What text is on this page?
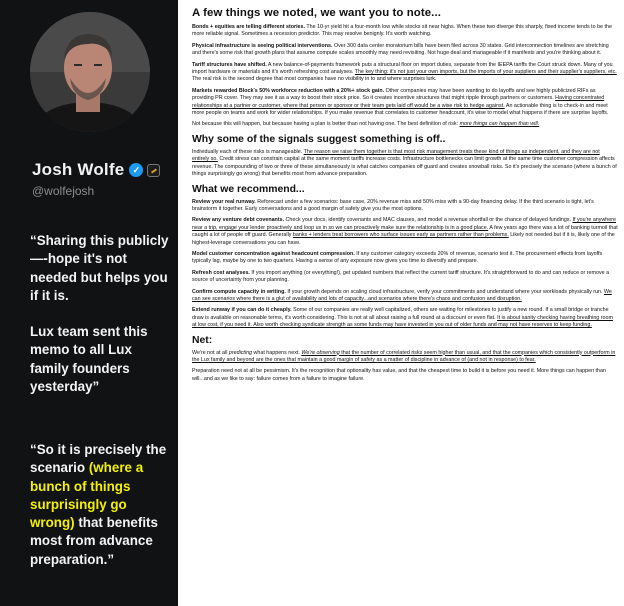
Josh Wolfe ✓
@wolfejosh
“Sharing this publicly—-hope it's not needed but helps you if it is.
Lux team sent this memo to all Lux family founders yesterday”
“So it is precisely the scenario (where a bunch of things surprisingly go wrong) that benefits most from advance preparation.”
A few things we noted, we want you to note...

Bonds + equities are telling different stories. The 10-yr yield hit a four-month low while stocks sit near highs. When these two diverge this sharply, fixed income tends to be the more reliable signal. Sometimes a recession predictor. This may resolve benignly. It's worth watching.

Physical infrastructure is seeing political interventions. Over 300 data center moratorium bills have been filed across 30 states. Grid interconnection timelines are stretching and there's some risk that growth plans that assume compute scales smoothly may need revisiting. Not huge deal and manageable if it manifests and you're thinking about it.

Tariff structures have shifted. A new balance-of-payments framework puts a structural floor on import duties, separate from the IEEPA tariffs the Court struck down. Many of you import hardware or materials and it's worth refreshing cost analyses. The key thing: it's not just your own imports, but the imports of your suppliers and their supplier's suppliers, etc. The real risk is the second degree that most companies have no visibility in to and where surprises lurk.

Markets rewarded Block's 50% workforce reduction with a 20%+ stock gain. Other companies may have been wanting to do layoffs and see highly publicized RIFs as providing PR cover. They may see it as a way to boost their stock price. So it creates incentive structures that might ripple through partners or customers. Having concentrated relationships at a partner or customer, where that person or sponsor or their team gets laid off would be a wise risk to hedge against. An actionable thing is to check-in and meet more people on teams and work for wider relationships. If you make revenue that correlates to customer headcount, it's wise to model what happens if there are surprise layoffs.

Not because this will happen, but because having a plan is better than not having one. The best definition of risk: more things can happen than will.

Why some of the signals suggest something is off..

Individually each of these risks is manageable. The reason we raise them together is that most risk management treats these kind of things as independent, and they are not entirely so. Credit stress can constrain capital at the same moment tariffs increase costs. Infrastructure bottlenecks can limit growth at the same time customer compression affects revenue. The compounding of two or three of these simultaneously is what catches companies off guard and creates snowball risks. So it's precisely the scenario (where a bunch of things surprisingly go wrong) that benefits most from advance preparation.

What we recommend...

Review your real runway. Reforecast under a few scenarios: base case, 20% revenue miss and 50% miss with a 90-day financing delay. If the third scenario is tight, let's brainstorm it together. Early conversations and a good margin of safety give you the most options.

Review any venture debt covenants. Check your docs, identify covenants and MAC clauses, and model a revenue shortfall or the chance of delayed fundings. If you're anywhere near a trip, engage your lender proactively and loop us in so we can proactively make sure the relationship is in a good place. A few years ago there was a lot of banking turmoil that caught a lot of people off guard. Generally banks + lenders treat borrowers who surface issues early as partners rather than problems. Likely not needed but if it is, likely one of the highest-leverage conversations you can have.

Model customer concentration against headcount compression. If any customer category exceeds 20% of revenue, scenario test it. The procurement effects from layoffs typically lag, maybe by one to two quarters. Having a sense of any exposure now gives you time to diversify and prepare.

Refresh cost analyses. If you import anything (or everything!), get updated numbers that reflect the current tariff structure. It's straightforward to do and can reduce or remove a source of uncertainty from your planning.

Confirm compute capacity in writing. If your growth depends on scaling cloud infrastructure, verify your commitments and understand where your workloads physically run. We can see scenarios where there is a glut of availability and lots of capacity...and scenarios where there's chaos and confusion and disruption.

Extend runway if you can do it cheaply. Some of our companies are really well capitalized, others are waiting for milestones to justify a new round. If a small bridge or tranche draw is available on reasonable terms, it's worth considering. This is not at all about raising a full round at a discount or even flat. It is about sanity checking having breathing room at low cost, if you need it. Also worth checking syndicate strength as some funds may have invested in you out of older funds and may not have reserves to keep funding.

Net:

We're not at all predicting what happens next. We're observing that the number of correlated risks seem higher than usual, and that the companies which consistently outperform in the Lux family and beyond are the ones that maintain a good margin of safety as a matter of discipline in advance of (and not in response) to fear.

Preparation need not at all be pessimism. It's the recognition that optionality has value, and that the cheapest time to build it is before you need it. More things can happen than will...and as we like to say: failure comes from a failure to imagine failure.
